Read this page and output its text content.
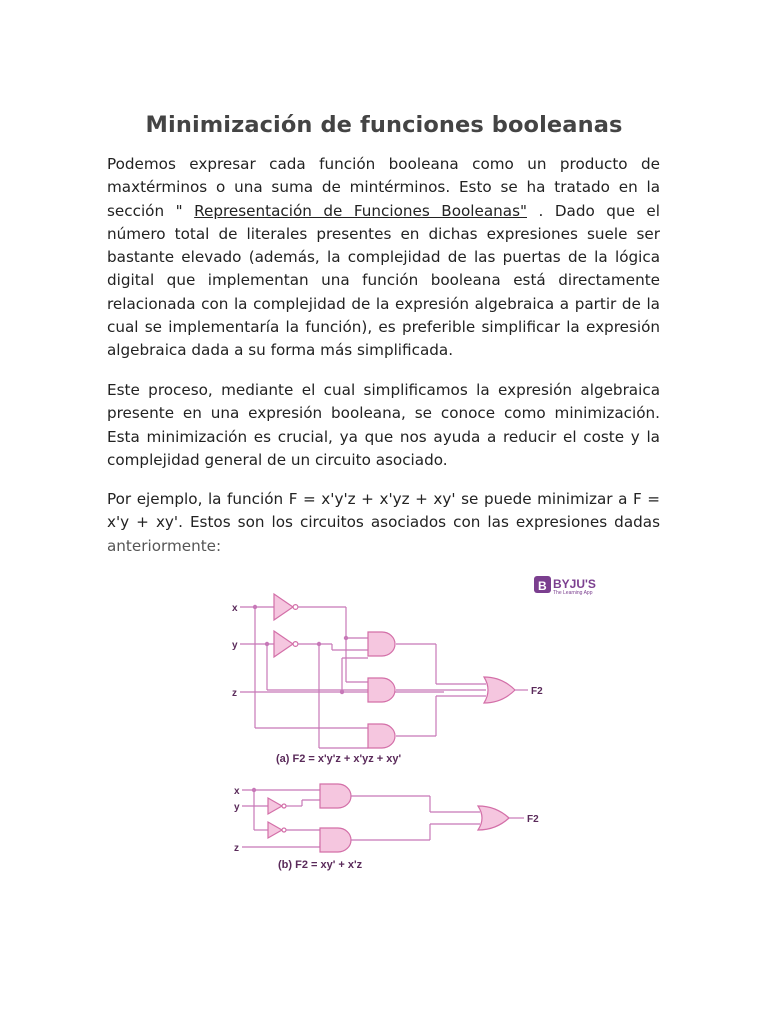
Minimización de funciones booleanas

Podemos expresar cada función booleana como un producto de maxtérminos o una suma de mintérminos. Esto se ha tratado en la sección " Representación de Funciones Booleanas" . Dado que el número total de literales presentes en dichas expresiones suele ser bastante elevado (además, la complejidad de las puertas de la lógica digital que implementan una función booleana está directamente relacionada con la complejidad de la expresión algebraica a partir de la cual se implementaría la función), es preferible simplificar la expresión algebraica dada a su forma más simplificada.

Este proceso, mediante el cual simplificamos la expresión algebraica presente en una expresión booleana, se conoce como minimización. Esta minimización es crucial, ya que nos ayuda a reducir el coste y la complejidad general de un circuito asociado.

Por ejemplo, la función F = x'y'z + x'yz + xy' se puede minimizar a F = x'y + xy'. Estos son los circuitos asociados con las expresiones dadas anteriormente:

B BYJU'S
The Learning App
x
y
z	F2
(a) F2 = x'y'z + x'yz + xy'
x
y
z
F2
(b) F2 = xy' + x'z
